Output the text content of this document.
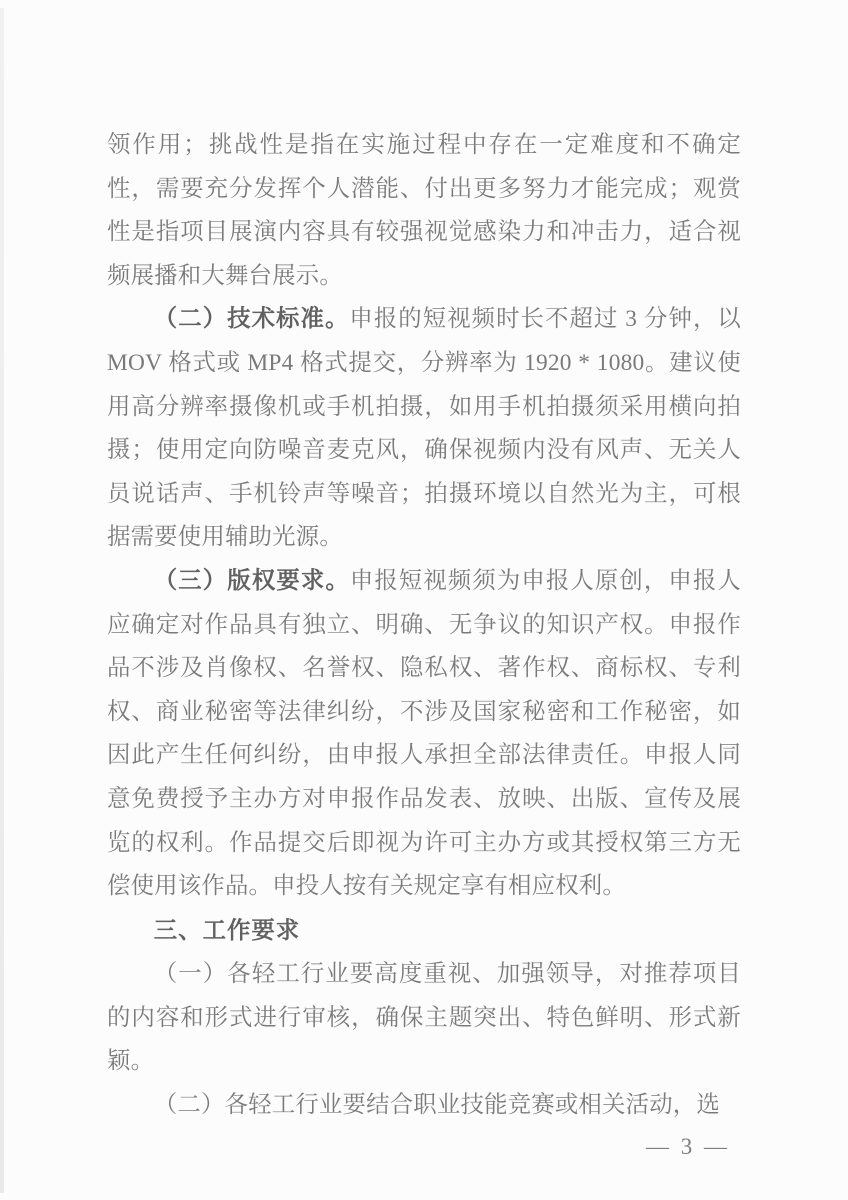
领作用；挑战性是指在实施过程中存在一定难度和不确定性，需要充分发挥个人潜能、付出更多努力才能完成；观赏性是指项目展演内容具有较强视觉感染力和冲击力，适合视频展播和大舞台展示。

（二）技术标准。申报的短视频时长不超过 3 分钟，以 MOV 格式或 MP4 格式提交，分辨率为 1920 * 1080。建议使用高分辨率摄像机或手机拍摄，如用手机拍摄须采用横向拍摄；使用定向防噪音麦克风，确保视频内没有风声、无关人员说话声、手机铃声等噪音；拍摄环境以自然光为主，可根据需要使用辅助光源。

（三）版权要求。申报短视频须为申报人原创，申报人应确定对作品具有独立、明确、无争议的知识产权。申报作品不涉及肖像权、名誉权、隐私权、著作权、商标权、专利权、商业秘密等法律纠纷，不涉及国家秘密和工作秘密，如因此产生任何纠纷，由申报人承担全部法律责任。申报人同意免费授予主办方对申报作品发表、放映、出版、宣传及展览的权利。作品提交后即视为许可主办方或其授权第三方无偿使用该作品。申投人按有关规定享有相应权利。

三、工作要求

（一）各轻工行业要高度重视、加强领导，对推荐项目的内容和形式进行审核，确保主题突出、特色鲜明、形式新颖。

（二）各轻工行业要结合职业技能竞赛或相关活动，选

— 3 —
